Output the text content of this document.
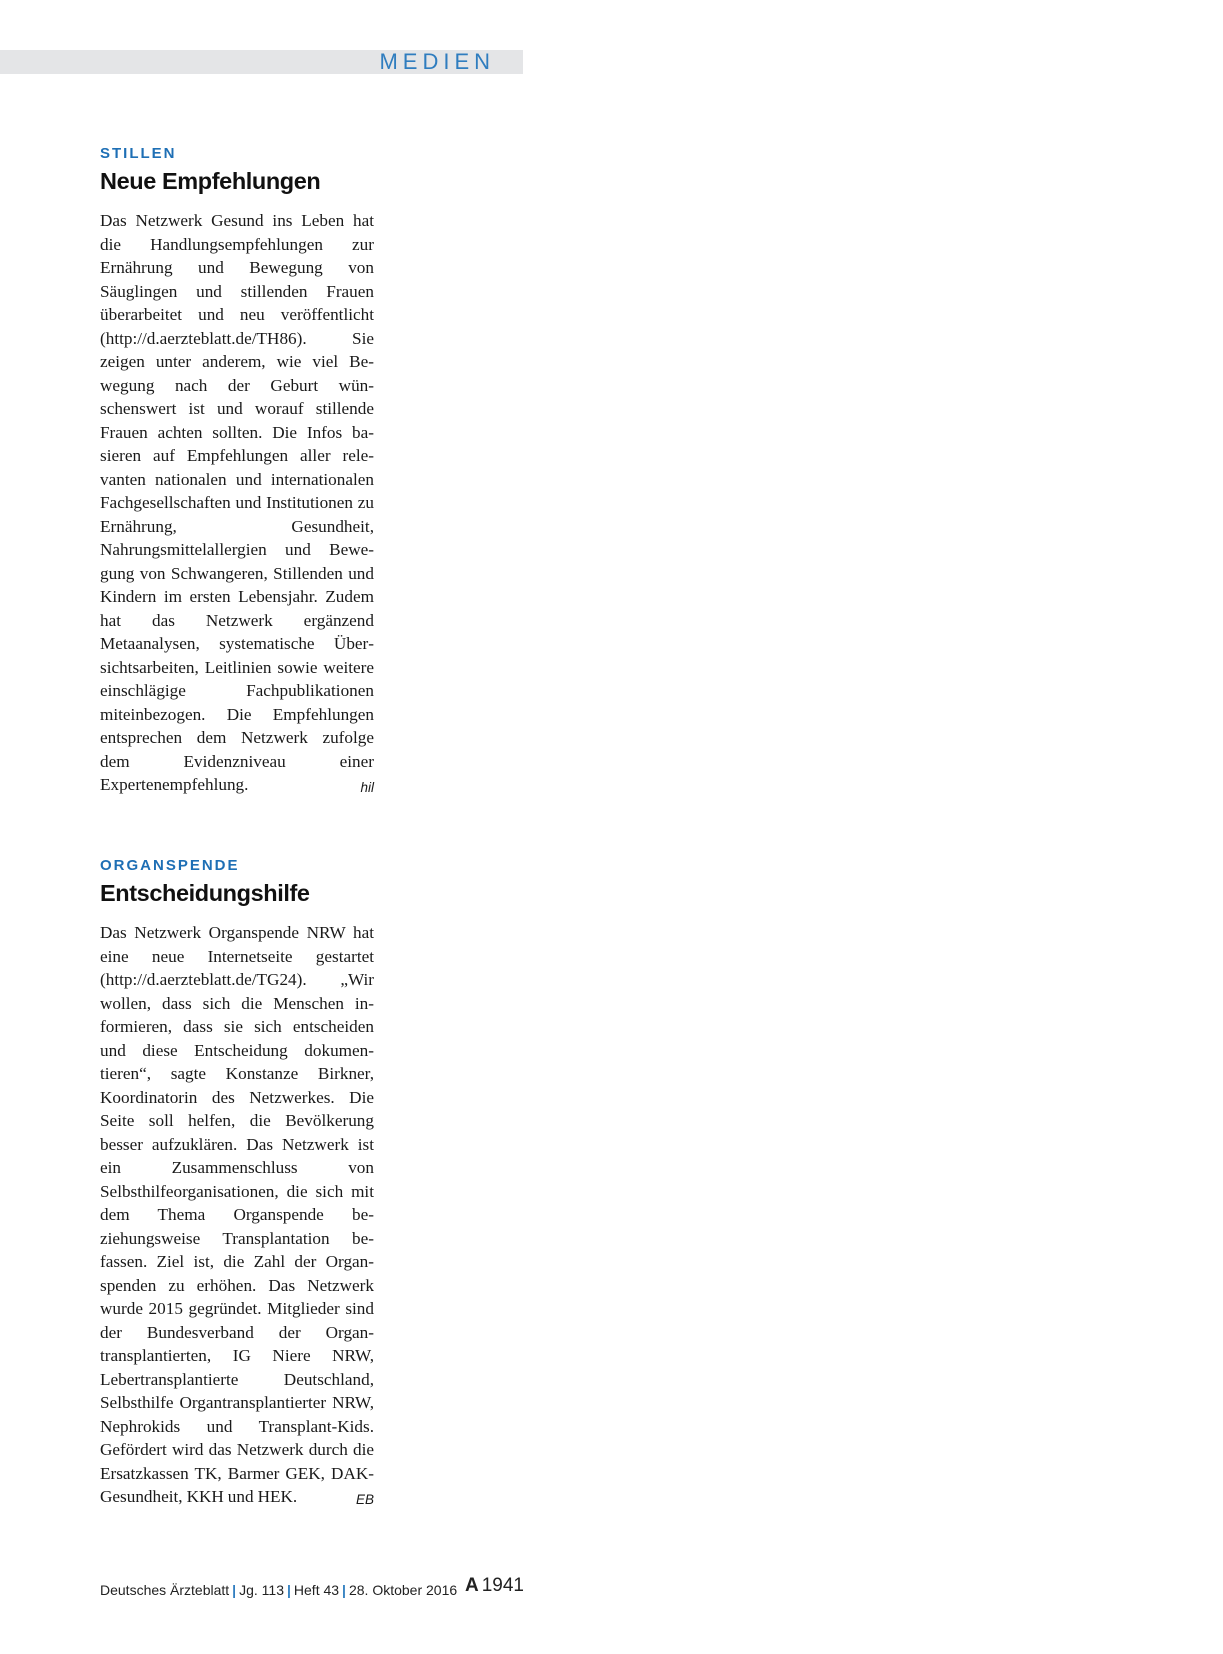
MEDIEN
STILLEN
Neue Empfehlungen
Das Netzwerk Gesund ins Leben hat die Handlungsempfehlungen zur Ernährung und Bewegung von Säuglingen und stillenden Frauen überarbeitet und neu veröffentlicht (http://d.aerzteblatt.de/TH86). Sie zeigen unter anderem, wie viel Bewegung nach der Geburt wünschenswert ist und worauf stillende Frauen achten sollten. Die Infos basieren auf Empfehlungen aller relevanten nationalen und internationalen Fachgesellschaften und Institutionen zu Ernährung, Gesundheit, Nahrungsmittelallergien und Bewegung von Schwangeren, Stillenden und Kindern im ersten Lebensjahr. Zudem hat das Netzwerk ergänzend Metaanalysen, systematische Übersichtsarbeiten, Leitlinien sowie weitere einschlägige Fachpublikationen miteinbezogen. Die Empfehlungen entsprechen dem Netzwerk zufolge dem Evidenzniveau einer Expertenempfehlung.	hil
ORGANSPENDE
Entscheidungshilfe
Das Netzwerk Organspende NRW hat eine neue Internetseite gestartet (http://d.aerzteblatt.de/TG24). „Wir wollen, dass sich die Menschen informieren, dass sie sich entscheiden und diese Entscheidung dokumentieren“, sagte Konstanze Birkner, Koordinatorin des Netzwerkes. Die Seite soll helfen, die Bevölkerung besser aufzuklären. Das Netzwerk ist ein Zusammenschluss von Selbsthilfeorganisationen, die sich mit dem Thema Organspende beziehungsweise Transplantation befassen. Ziel ist, die Zahl der Organspenden zu erhöhen. Das Netzwerk wurde 2015 gegründet. Mitglieder sind der Bundesverband der Organtransplantierten, IG Niere NRW, Lebertransplantierte Deutschland, Selbsthilfe Organtransplantierter NRW, Nephrokids und Transplant-Kids. Gefördert wird das Netzwerk durch die Ersatzkassen TK, Barmer GEK, DAK-Gesundheit, KKH und HEK.	EB
Deutsches Ärzteblatt | Jg. 113 | Heft 43 | 28. Oktober 2016 A 1941
